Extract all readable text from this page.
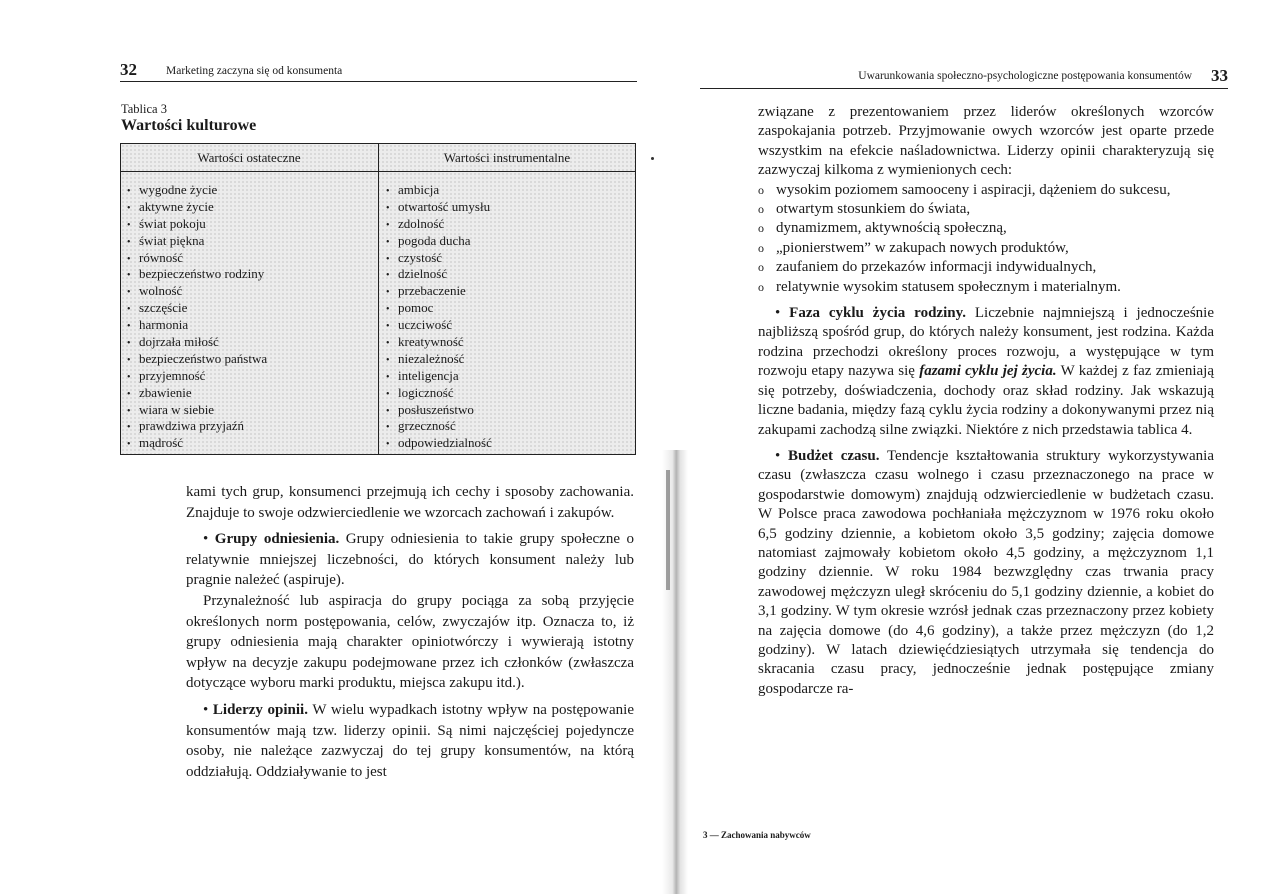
32	Marketing zaczyna się od konsumenta
Tablica 3
Wartości kulturowe
Wartości ostateczne	Wartości instrumentalne
• wygodne życie
• aktywne życie
• świat pokoju
• świat piękna
• równość
• bezpieczeństwo rodziny
• wolność
• szczęście
• harmonia
• dojrzała miłość
• bezpieczeństwo państwa
• przyjemność
• zbawienie
• wiara w siebie
• prawdziwa przyjaźń
• mądrość
• ambicja
• otwartość umysłu
• zdolność
• pogoda ducha
• czystość
• dzielność
• przebaczenie
• pomoc
• uczciwość
• kreatywność
• niezależność
• inteligencja
• logiczność
• posłuszeństwo
• grzeczność
• odpowiedzialność

kami tych grup, konsumenci przejmują ich cechy i sposoby zachowania. Znajduje to swoje odzwierciedlenie we wzorcach zachowań i zakupów.

• Grupy odniesienia. Grupy odniesienia to takie grupy społeczne o relatywnie mniejszej liczebności, do których konsument należy lub pragnie należeć (aspiruje).

Przynależność lub aspiracja do grupy pociąga za sobą przyjęcie określonych norm postępowania, celów, zwyczajów itp. Oznacza to, iż grupy odniesienia mają charakter opiniotwórczy i wywierają istotny wpływ na decyzje zakupu podejmowane przez ich członków (zwłaszcza dotyczące wyboru marki produktu, miejsca zakupu itd.).

• Liderzy opinii. W wielu wypadkach istotny wpływ na postępowanie konsumentów mają tzw. liderzy opinii. Są nimi najczęściej pojedyncze osoby, nie należące zazwyczaj do tej grupy konsumentów, na którą oddziałują. Oddziaływanie to jest

Uwarunkowania społeczno-psychologiczne postępowania konsumentów 33

związane z prezentowaniem przez liderów określonych wzorców zaspokajania potrzeb. Przyjmowanie owych wzorców jest oparte przede wszystkim na efekcie naśladownictwa. Liderzy opinii charakteryzują się zazwyczaj kilkoma z wymienionych cech:

o wysokim poziomem samooceny i aspiracji, dążeniem do sukcesu,
o otwartym stosunkiem do świata,
o dynamizmem, aktywnością społeczną,
o „pionierstwem” w zakupach nowych produktów,
o zaufaniem do przekazów informacji indywidualnych,
o relatywnie wysokim statusem społecznym i materialnym.

• Faza cyklu życia rodziny. Liczebnie najmniejszą i jednocześnie najbliższą spośród grup, do których należy konsument, jest rodzina. Każda rodzina przechodzi określony proces rozwoju, a występujące w tym rozwoju etapy nazywa się fazami cyklu jej życia. W każdej z faz zmieniają się potrzeby, doświadczenia, dochody oraz skład rodziny. Jak wskazują liczne badania, między fazą cyklu życia rodziny a dokonywanymi przez nią zakupami zachodzą silne związki. Niektóre z nich przedstawia tablica 4.

• Budżet czasu. Tendencje kształtowania struktury wykorzystywania czasu (zwłaszcza czasu wolnego i czasu przeznaczonego na prace w gospodarstwie domowym) znajdują odzwierciedlenie w budżetach czasu. W Polsce praca zawodowa pochłaniała mężczyznom w 1976 roku około 6,5 godziny dziennie, a kobietom około 3,5 godziny; zajęcia domowe natomiast zajmowały kobietom około 4,5 godziny, a mężczyznom 1,1 godziny dziennie. W roku 1984 bezwzględny czas trwania pracy zawodowej mężczyzn uległ skróceniu do 5,1 godziny dziennie, a kobiet do 3,1 godziny. W tym okresie wzrósł jednak czas przeznaczony przez kobiety na zajęcia domowe (do 4,6 godziny), a także przez mężczyzn (do 1,2 godziny). W latach dziewięćdziesiątych utrzymała się tendencja do skracania czasu pracy, jednocześnie jednak postępujące zmiany gospodarcze ra-

3 — Zachowania nabywców
